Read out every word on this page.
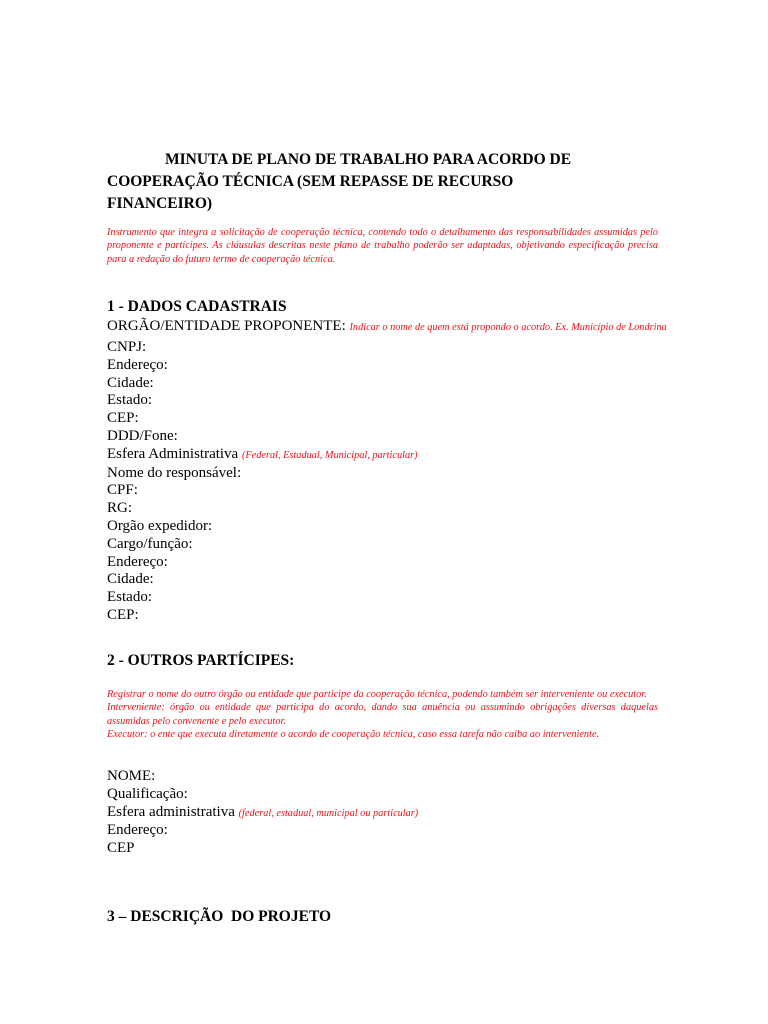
MINUTA DE PLANO DE TRABALHO PARA ACORDO DE
COOPERAÇÃO TÉCNICA (SEM REPASSE DE RECURSO FINANCEIRO)
Instrumento que integra a solicitação de cooperação técnica, contendo todo o detalhamento das responsabilidades assumidas pelo proponente e partícipes. As cláusulas descritas neste plano de trabalho poderão ser adaptadas, objetivando especificação precisa para a redação do futuro termo de cooperação técnica.
1 - DADOS CADASTRAIS
ORGÃO/ENTIDADE PROPONENTE: Indicar o nome de quem está propondo o acordo. Ex. Município de Londrina
CNPJ:
Endereço:
Cidade:
Estado:
CEP:
DDD/Fone:
Esfera Administrativa (Federal, Estadual, Municipal, particular)
Nome do responsável:
CPF:
RG:
Orgão expedidor:
Cargo/função:
Endereço:
Cidade:
Estado:
CEP:
2 - OUTROS PARTÍCIPES:

Registrar o nome do outro órgão ou entidade que participe da cooperação técnica, podendo também ser interveniente ou executor.

Interveniente: órgão ou entidade que participa do acordo, dando sua anuência ou assumindo obrigações diversas daquelas assumidas pelo convenente e pelo executor.

Executor: o ente que executa diretamente o acordo de cooperação técnica, caso essa tarefa não caiba ao interveniente.

NOME:
Qualificação:
Esfera administrativa (federal, estadual, municipal ou particular)
Endereço:
CEP
3 – DESCRIÇÃO  DO PROJETO
